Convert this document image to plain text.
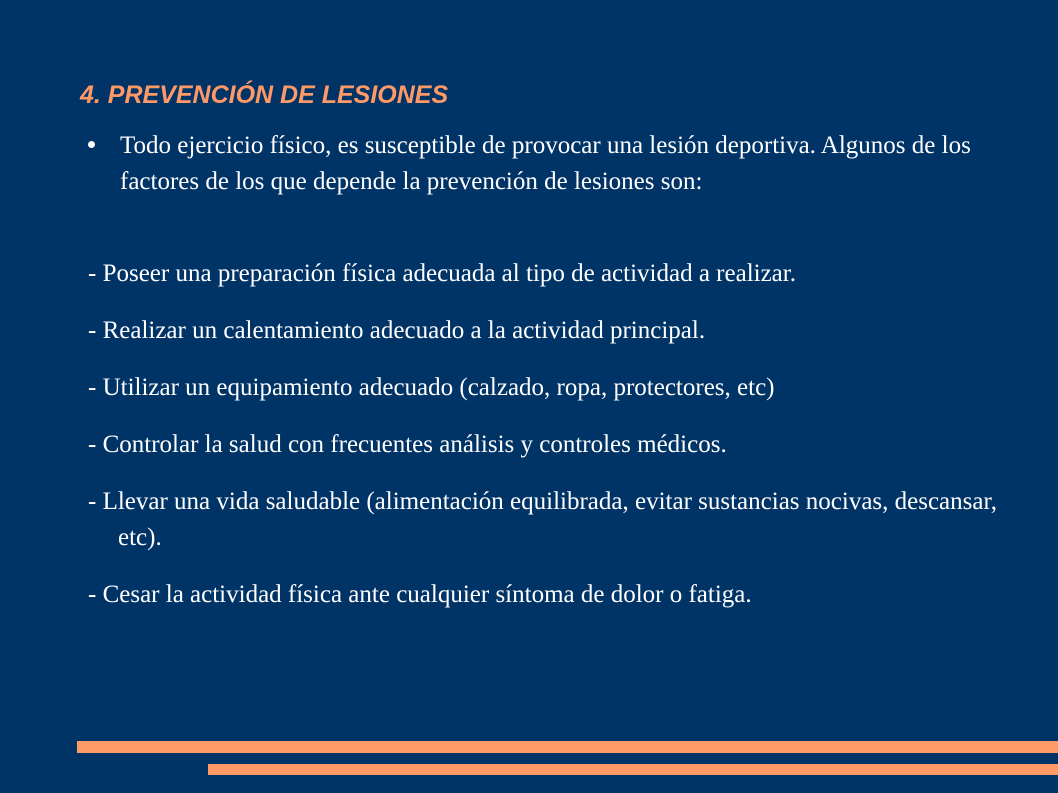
4. PREVENCIÓN DE LESIONES
Todo ejercicio físico, es susceptible de provocar una lesión deportiva. Algunos de los factores de los que depende la prevención de lesiones son:
- Poseer una preparación física adecuada al tipo de actividad a realizar.
- Realizar un calentamiento adecuado a la actividad principal.
- Utilizar un equipamiento adecuado (calzado, ropa, protectores, etc)
- Controlar la salud con frecuentes análisis y controles médicos.
- Llevar una vida saludable (alimentación equilibrada, evitar sustancias nocivas, descansar, etc).
- Cesar la actividad física ante cualquier síntoma de dolor o fatiga.
